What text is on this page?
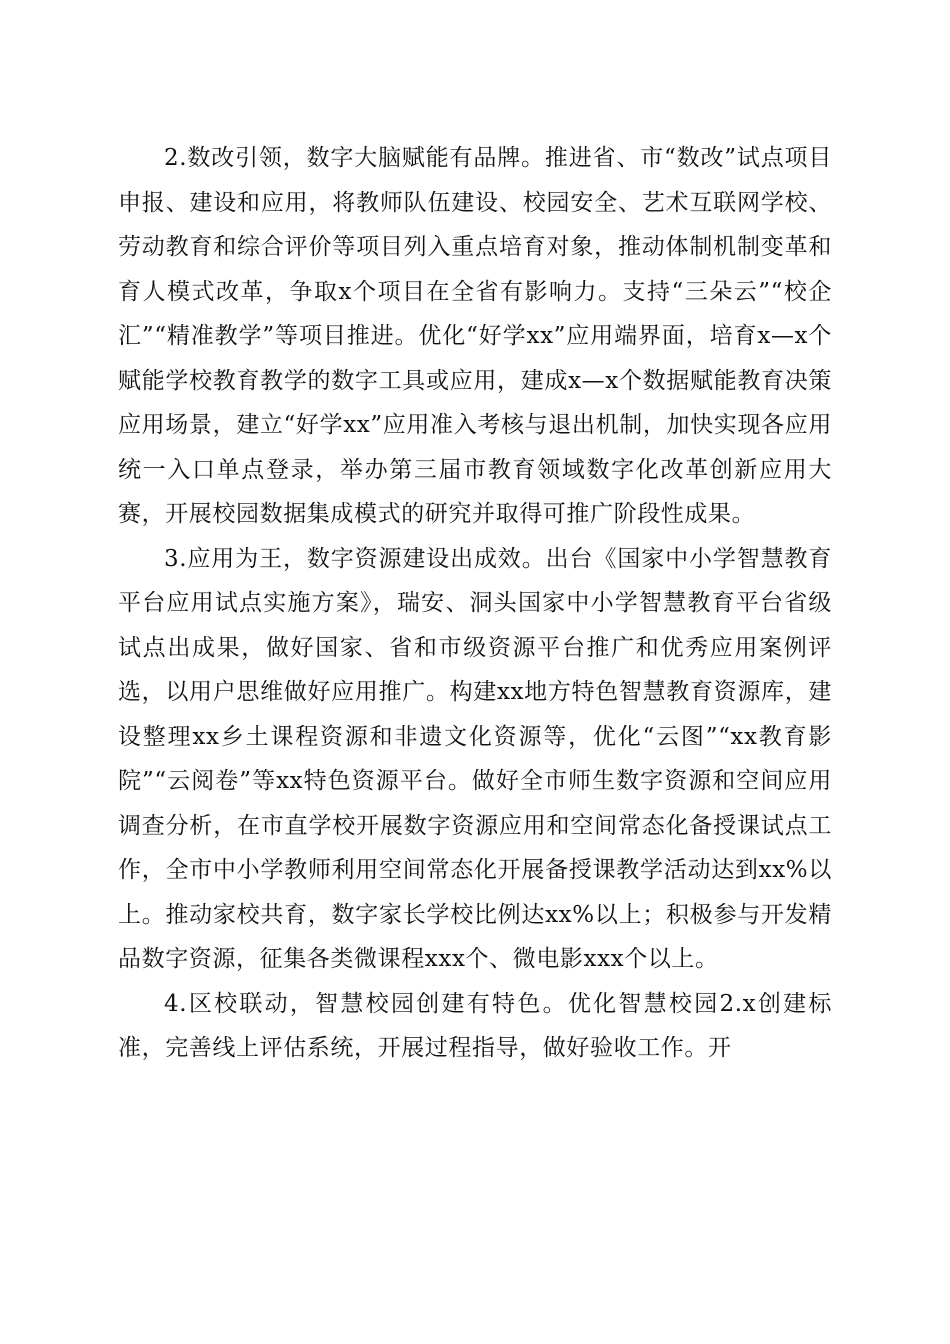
2.数改引领，数字大脑赋能有品牌。推进省、市“数改”试点项目申报、建设和应用，将教师队伍建设、校园安全、艺术互联网学校、劳动教育和综合评价等项目列入重点培育对象，推动体制机制变革和育人模式改革，争取x个项目在全省有影响力。支持“三朵云”“校企汇”“精准教学”等项目推进。优化“好学xx”应用端界面，培育x—x个赋能学校教育教学的数字工具或应用，建成x—x个数据赋能教育决策应用场景，建立“好学xx”应用准入考核与退出机制，加快实现各应用统一入口单点登录，举办第三届市教育领域数字化改革创新应用大赛，开展校园数据集成模式的研究并取得可推广阶段性成果。

3.应用为王，数字资源建设出成效。出台《国家中小学智慧教育平台应用试点实施方案》，瑞安、洞头国家中小学智慧教育平台省级试点出成果，做好国家、省和市级资源平台推广和优秀应用案例评选，以用户思维做好应用推广。构建xx地方特色智慧教育资源库，建设整理xx乡土课程资源和非遗文化资源等，优化“云图”“xx教育影院”“云阅卷”等xx特色资源平台。做好全市师生数字资源和空间应用调查分析，在市直学校开展数字资源应用和空间常态化备授课试点工作，全市中小学教师利用空间常态化开展备授课教学活动达到xx%以上。推动家校共育，数字家长学校比例达xx%以上；积极参与开发精品数字资源，征集各类微课程xxx个、微电影xxx个以上。

4.区校联动，智慧校园创建有特色。优化智慧校园2.x创建标准，完善线上评估系统，开展过程指导，做好验收工作。开
